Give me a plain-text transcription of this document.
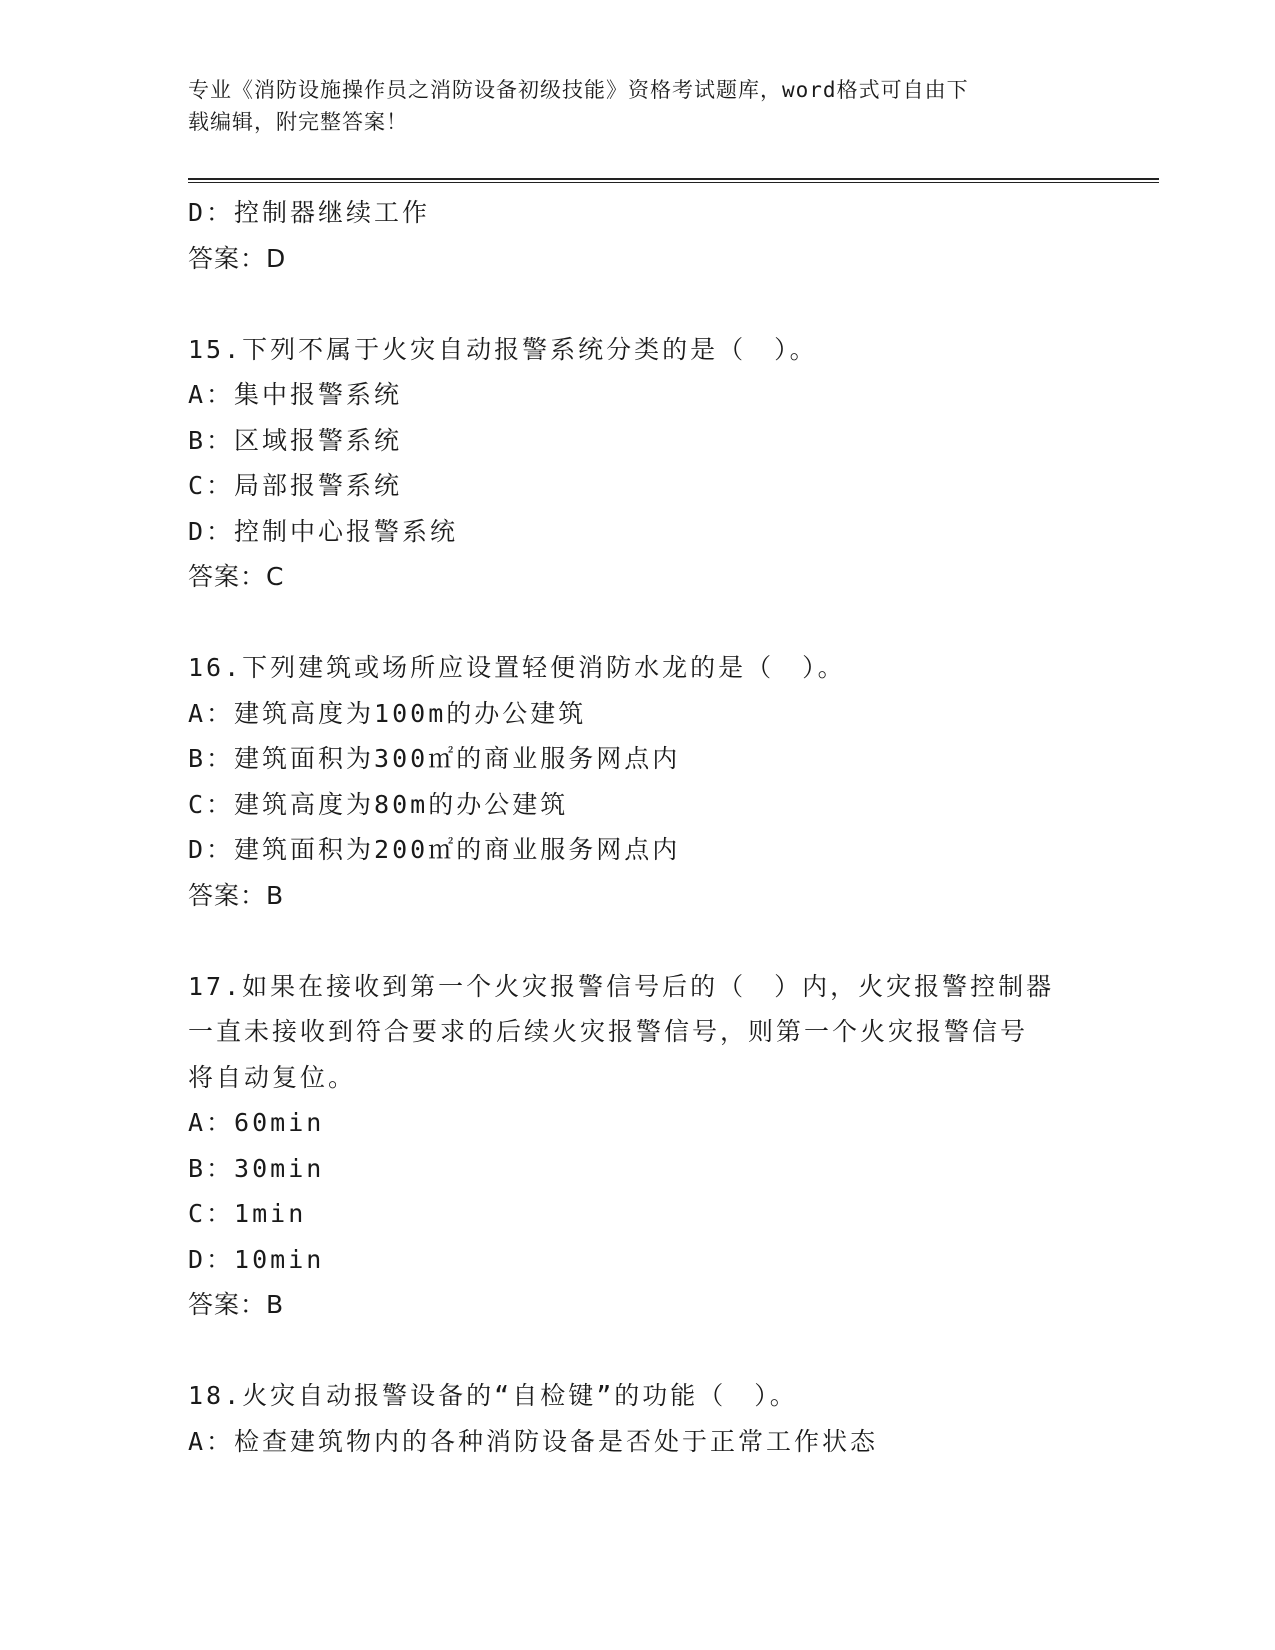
专业《消防设施操作员之消防设备初级技能》资格考试题库，word格式可自由下
载编辑，附完整答案！
D：控制器继续工作
答案：D
15.下列不属于火灾自动报警系统分类的是（　）。
A：集中报警系统
B：区域报警系统
C：局部报警系统
D：控制中心报警系统
答案：C
16.下列建筑或场所应设置轻便消防水龙的是（　）。
A：建筑高度为100m的办公建筑
B：建筑面积为300㎡的商业服务网点内
C：建筑高度为80m的办公建筑
D：建筑面积为200㎡的商业服务网点内
答案：B
17.如果在接收到第一个火灾报警信号后的（　）内，火灾报警控制器
一直未接收到符合要求的后续火灾报警信号，则第一个火灾报警信号
将自动复位。
A：60min
B：30min
C：1min
D：10min
答案：B
18.火灾自动报警设备的“自检键”的功能（　）。
A：检查建筑物内的各种消防设备是否处于正常工作状态
